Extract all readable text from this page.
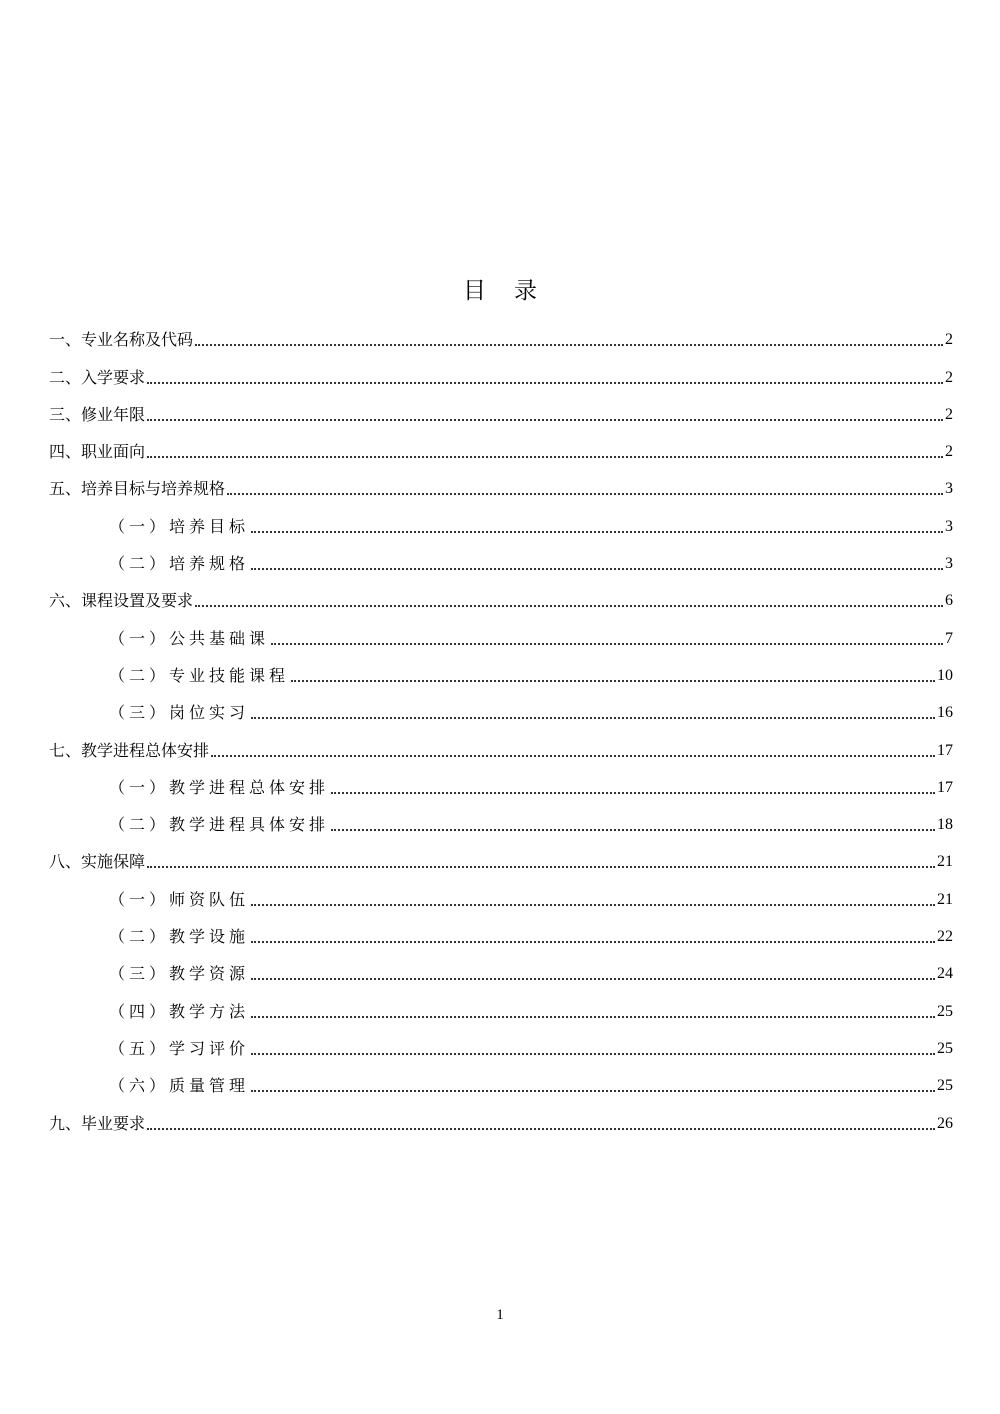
目 录
一、专业名称及代码	2
二、入学要求	2
三、修业年限	2
四、职业面向	2
五、培养目标与培养规格	3
（一）培养目标	3
（二）培养规格	3
六、课程设置及要求	6
（一）公共基础课	7
（二）专业技能课程	10
（三）岗位实习	16
七、教学进程总体安排	17
（一）教学进程总体安排	17
（二）教学进程具体安排	18
八、实施保障	21
（一）师资队伍	21
（二）教学设施	22
（三）教学资源	24
（四）教学方法	25
（五）学习评价	25
（六）质量管理	25
九、毕业要求	26
1
